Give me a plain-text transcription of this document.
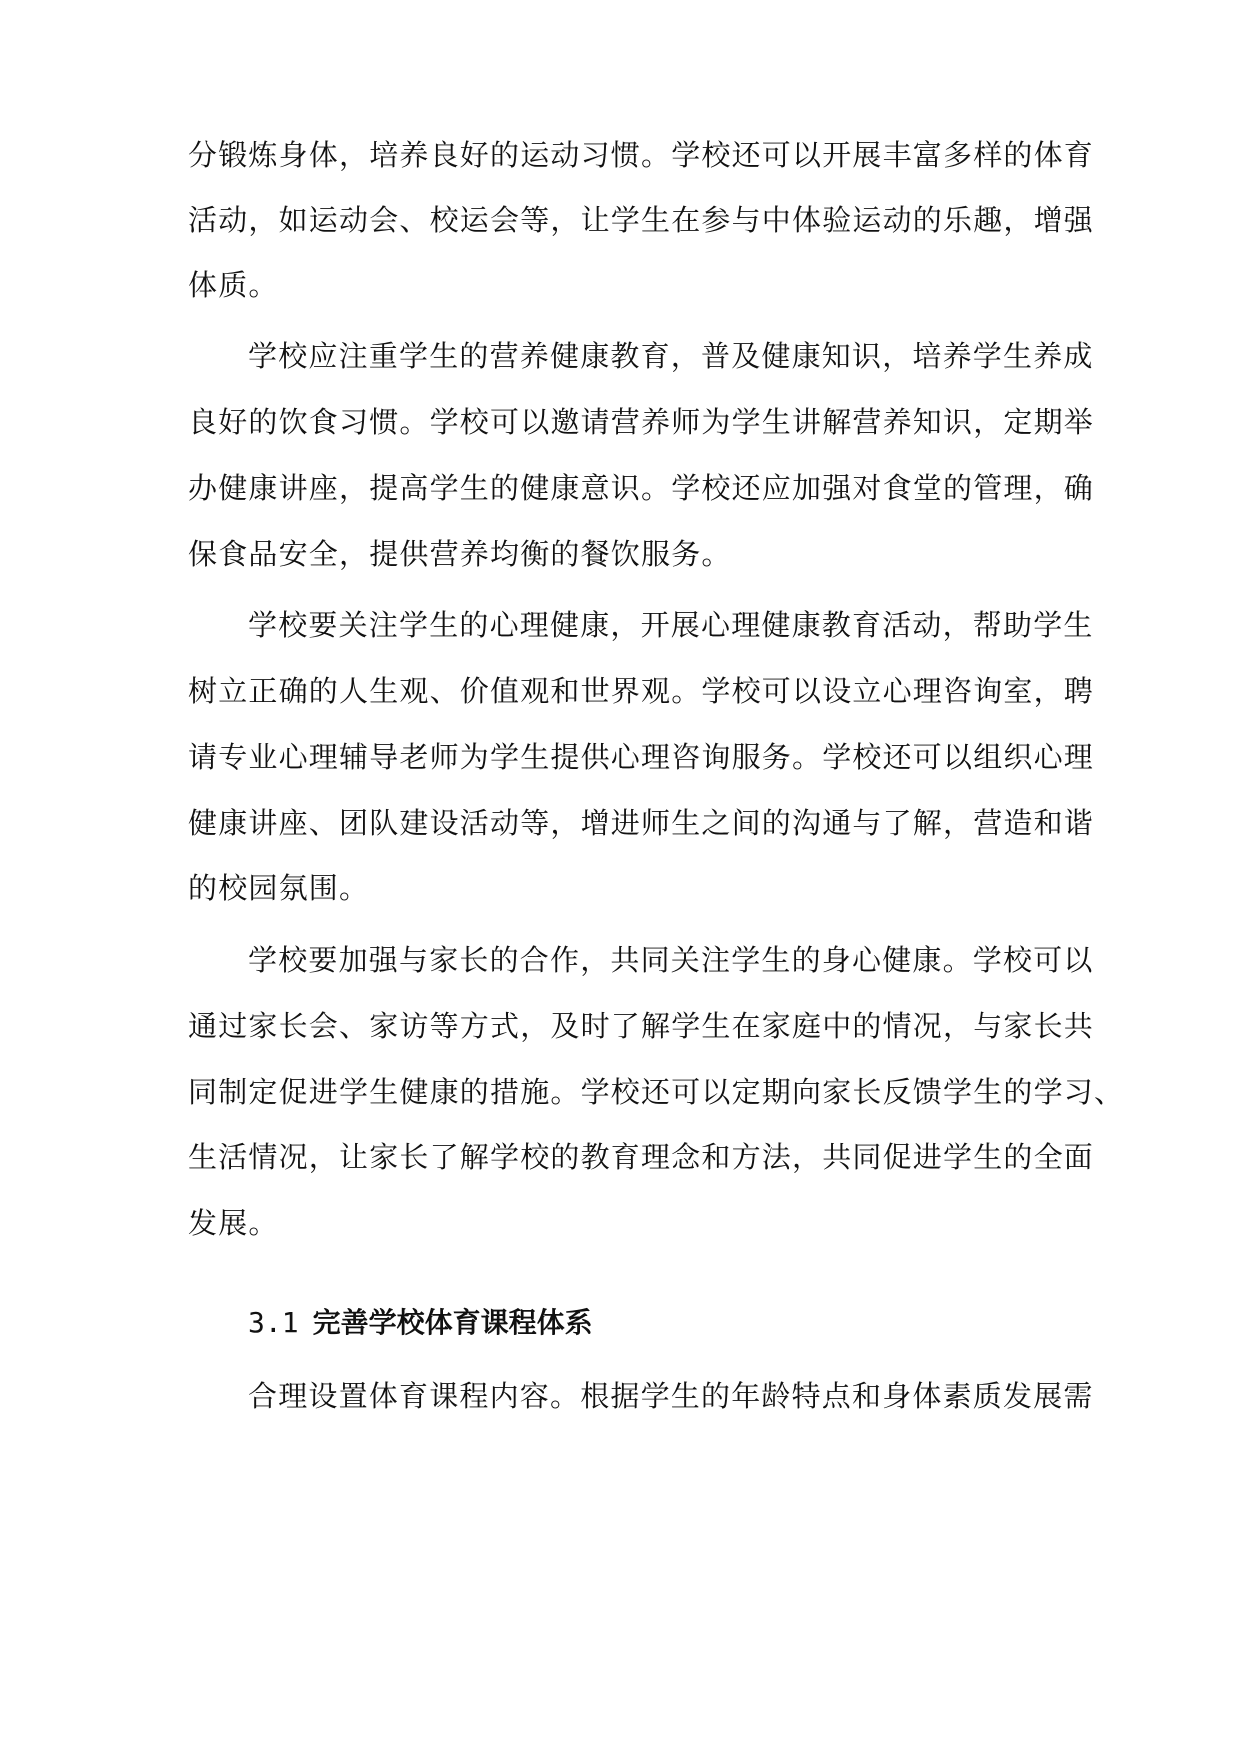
分锻炼身体，培养良好的运动习惯。学校还可以开展丰富多样的体育
活动，如运动会、校运会等，让学生在参与中体验运动的乐趣，增强
体质。
学校应注重学生的营养健康教育，普及健康知识，培养学生养成
良好的饮食习惯。学校可以邀请营养师为学生讲解营养知识，定期举
办健康讲座，提高学生的健康意识。学校还应加强对食堂的管理，确
保食品安全，提供营养均衡的餐饮服务。
学校要关注学生的心理健康，开展心理健康教育活动，帮助学生
树立正确的人生观、价值观和世界观。学校可以设立心理咨询室，聘
请专业心理辅导老师为学生提供心理咨询服务。学校还可以组织心理
健康讲座、团队建设活动等，增进师生之间的沟通与了解，营造和谐
的校园氛围。
学校要加强与家长的合作，共同关注学生的身心健康。学校可以
通过家长会、家访等方式，及时了解学生在家庭中的情况，与家长共
同制定促进学生健康的措施。学校还可以定期向家长反馈学生的学习、
生活情况，让家长了解学校的教育理念和方法，共同促进学生的全面
发展。
3.1 完善学校体育课程体系
合理设置体育课程内容。根据学生的年龄特点和身体素质发展需
